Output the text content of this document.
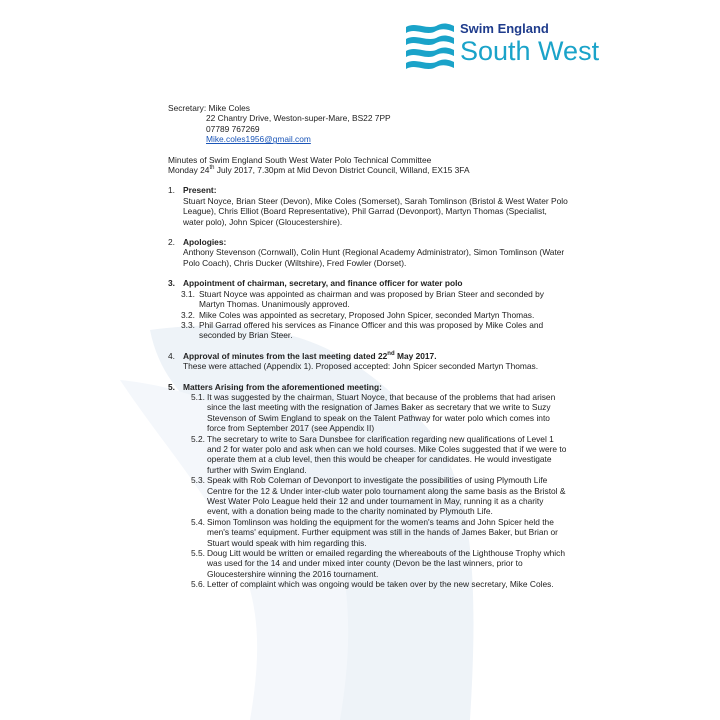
Swim England
South West

Secretary: Mike Coles

22 Chantry Drive, Weston-super-Mare, BS22 7PP

07789 767269

Mike.coles1956@gmail.com

Minutes of Swim England South West Water Polo Technical Committee

Monday 24th July 2017, 7.30pm at Mid Devon District Council, Willand, EX15 3FA

1. Present:

Stuart Noyce, Brian Steer (Devon), Mike Coles (Somerset), Sarah Tomlinson (Bristol & West Water Polo League), Chris Elliot (Board Representative), Phil Garrad (Devonport), Martyn Thomas (Specialist, water polo), John Spicer (Gloucestershire).

2. Apologies:

Anthony Stevenson (Cornwall), Colin Hunt (Regional Academy Administrator), Simon Tomlinson (Water Polo Coach), Chris Ducker (Wiltshire), Fred Fowler (Dorset).

3. Appointment of chairman, secretary, and finance officer for water polo

3.1. Stuart Noyce was appointed as chairman and was proposed by Brian Steer and seconded by Martyn Thomas. Unanimously approved.
3.2. Mike Coles was appointed as secretary, Proposed John Spicer, seconded Martyn Thomas.
3.3. Phil Garrad offered his services as Finance Officer and this was proposed by Mike Coles and seconded by Brian Steer.
4. Approval of minutes from the last meeting dated 22nd May 2017.

These were attached (Appendix 1). Proposed accepted: John Spicer seconded Martyn Thomas.

5. Matters Arising from the aforementioned meeting:

5.1. It was suggested by the chairman, Stuart Noyce, that because of the problems that had arisen since the last meeting with the resignation of James Baker as secretary that we write to Suzy Stevenson of Swim England to speak on the Talent Pathway for water polo which comes into force from September 2017 (see Appendix II)
5.2. The secretary to write to Sara Dunsbee for clarification regarding new qualifications of Level 1 and 2 for water polo and ask when can we hold courses. Mike Coles suggested that if we were to operate them at a club level, then this would be cheaper for candidates. He would investigate further with Swim England.
5.3. Speak with Rob Coleman of Devonport to investigate the possibilities of using Plymouth Life Centre for the 12 & Under inter-club water polo tournament along the same basis as the Bristol & West Water Polo League held their 12 and under tournament in May, running it as a charity event, with a donation being made to the charity nominated by Plymouth Life.
5.4. Simon Tomlinson was holding the equipment for the women's teams and John Spicer held the men's teams' equipment. Further equipment was still in the hands of James Baker, but Brian or Stuart would speak with him regarding this.
5.5. Doug Litt would be written or emailed regarding the whereabouts of the Lighthouse Trophy which was used for the 14 and under mixed inter county (Devon be the last winners, prior to Gloucestershire winning the 2016 tournament.
5.6. Letter of complaint which was ongoing would be taken over by the new secretary, Mike Coles.
